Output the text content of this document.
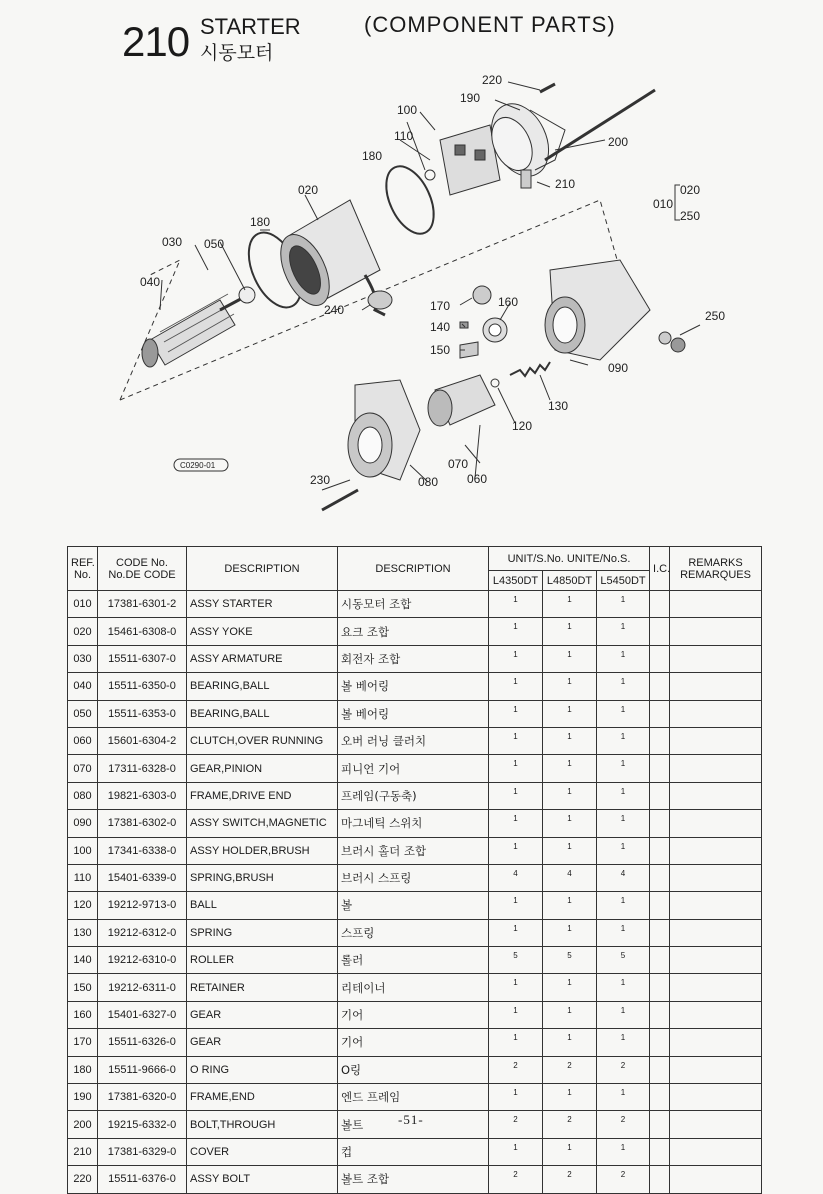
210 STARTER
시동모터
(COMPONENT PARTS)
220
190
100
110	200
180
020	210
010
020
250
180
030 050
040
170	160
140
150
250
240
090
130
120
070
060
230	080
C0290-01
REF. No.	CODE No. No.DE CODE	DESCRIPTION	DESCRIPTION	UNIT/S.No. UNITE/No.S.			I.C.	REMARKS REMARQUES
				L4350DT	L4850DT	L5450DT		
010	17381-6301-2	ASSY STARTER	시동모터 조합	1	1	1		
020	15461-6308-0	ASSY YOKE	요크 조합	1	1	1		
030	15511-6307-0	ASSY ARMATURE	회전자 조합	1	1	1		
040	15511-6350-0	BEARING,BALL	볼 베어링	1	1	1		
050	15511-6353-0	BEARING,BALL	볼 베어링	1	1	1		
060	15601-6304-2	CLUTCH,OVER RUNNING	오버 러닝 클러치	1	1	1		
070	17311-6328-0	GEAR,PINION	피니언 기어	1	1	1		
080	19821-6303-0	FRAME,DRIVE END	프레임(구동축)	1	1	1		
090	17381-6302-0	ASSY SWITCH,MAGNETIC	마그네틱 스위치	1	1	1		
100	17341-6338-0	ASSY HOLDER,BRUSH	브러시 홀더 조합	1	1	1		
110	15401-6339-0	SPRING,BRUSH	브러시 스프링	4	4	4		
120	19212-9713-0	BALL	볼	1	1	1		
130	19212-6312-0	SPRING	스프링	1	1	1		
140	19212-6310-0	ROLLER	롤러	5	5	5		
150	19212-6311-0	RETAINER	리테이너	1	1	1		
160	15401-6327-0	GEAR	기어	1	1	1		
170	15511-6326-0	GEAR	기어	1	1	1		
180	15511-9666-0	O RING	O링	2	2	2		
190	17381-6320-0	FRAME,END	엔드 프레임	1	1	1		
200	19215-6332-0	BOLT,THROUGH	볼트	2	2	2		
210	17381-6329-0	COVER	컵	1	1	1		
220	15511-6376-0	ASSY BOLT	볼트 조합	2	2	2		
-51-
